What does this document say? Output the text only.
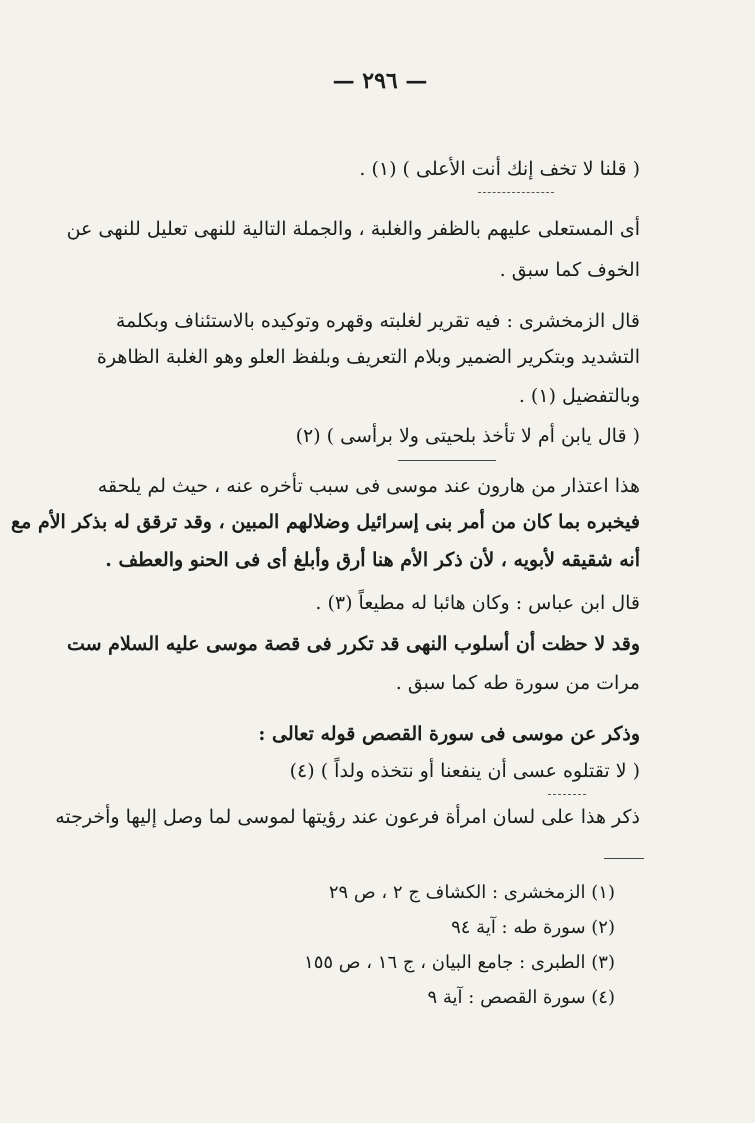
— ٢٩٦ —
( قلنا لا تخف إنك أنت الأعلى ) (١) .
أى المستعلى عليهم بالظفر والغلبة ، والجملة التالية للنهى تعليل للنهى عن
الخوف كما سبق .
قال الزمخشرى : فيه تقرير لغلبته وقهره وتوكيده بالاستئناف وبكلمة
التشديد وبتكرير الضمير وبلام التعريف وبلفظ العلو وهو الغلبة الظاهرة
وبالتفضيل (١) .
( قال يابن أم لا تأخذ بلحيتى ولا برأسى ) (٢)
هذا اعتذار من هارون عند موسى فى سبب تأخره عنه ، حيث لم يلحقه
فيخبره بما كان من أمر بنى إسرائيل وضلالهم المبين ، وقد ترقق له بذكر الأم مع
أنه شقيقه لأبويه ، لأن ذكر الأم هنا أرق وأبلغ أى فى الحنو والعطف .
قال ابن عباس : وكان هائبا له مطيعاً (٣) .
وقد لا حظت أن أسلوب النهى قد تكرر فى قصة موسى عليه السلام ست
مرات من سورة طه كما سبق .
وذكر عن موسى فى سورة القصص قوله تعالى :
( لا تقتلوه عسى أن ينفعنا أو نتخذه ولداً ) (٤)
ذكر هذا على لسان امرأة فرعون عند رؤيتها لموسى لما وصل إليها وأخرجته
(١) الزمخشرى : الكشاف ج ٢ ، ص ٢٩
(٢) سورة طه : آية ٩٤
(٣) الطبرى : جامع البيان ، ج ١٦ ، ص ١٥٥
(٤) سورة القصص : آية ٩
